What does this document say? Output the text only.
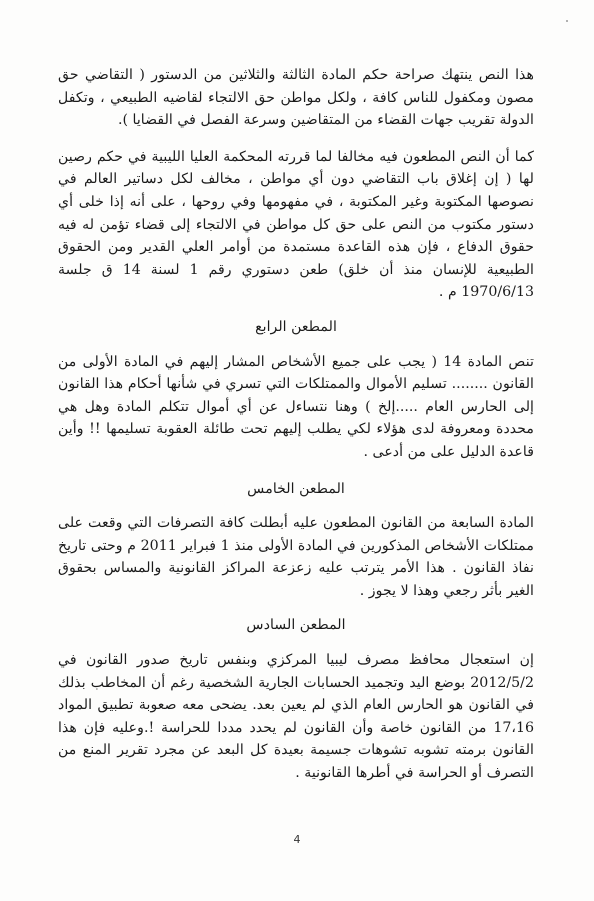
هذا النص ينتهك صراحة حكم المادة الثالثة والثلاثين من الدستور ( التقاضي حق مصون ومكفول للناس كافة ، ولكل مواطن حق الالتجاء لقاضيه الطبيعي ، وتكفل الدولة تقريب جهات القضاء من المتقاضين وسرعة الفصل في القضايا ).

كما أن النص المطعون فيه مخالفا لما قررته المحكمة العليا الليبية في حكم رصين لها ( إن إغلاق باب التقاضي دون أي مواطن ، مخالف لكل دساتير العالم في نصوصها المكتوبة وغير المكتوبة ، في مفهومها وفي روحها ، على أنه إذا خلى أي دستور مكتوب من النص على حق كل مواطن في الالتجاء إلى قضاء تؤمن له فيه حقوق الدفاع ، فإن هذه القاعدة مستمدة من أوامر العلي القدير ومن الحقوق الطبيعية للإنسان منذ أن خلق) طعن دستوري رقم 1 لسنة 14 ق جلسة 1970/6/13 م .

المطعن الرابع

تنص المادة 14 ( يجب على جميع الأشخاص المشار إليهم في المادة الأولى من القانون ........ تسليم الأموال والممتلكات التي تسري في شأنها أحكام هذا القانون إلى الحارس العام .....إلخ ) وهنا نتساءل عن أي أموال تتكلم المادة وهل هي محددة ومعروفة لدى هؤلاء لكي يطلب إليهم تحت طائلة العقوبة تسليمها !! وأين قاعدة الدليل على من أدعى .

المطعن الخامس

المادة السابعة من القانون المطعون عليه أبطلت كافة التصرفات التي وقعت على ممتلكات الأشخاص المذكورين في المادة الأولى منذ 1 فبراير 2011 م وحتى تاريخ نفاذ القانون . هذا الأمر يترتب عليه زعزعة المراكز القانونية والمساس بحقوق الغير بأثر رجعي وهذا لا يجوز .

المطعن السادس

إن استعجال محافظ مصرف ليبيا المركزي وبنفس تاريخ صدور القانون في 2012/5/2 بوضع اليد وتجميد الحسابات الجارية الشخصية رغم أن المخاطب بذلك في القانون هو الحارس العام الذي لم يعين بعد. يضحى معه صعوبة تطبيق المواد 17،16 من القانون خاصة وأن القانون لم يحدد مددا للحراسة !.وعليه فإن هذا القانون برمته تشوبه تشوهات جسيمة بعيدة كل البعد عن مجرد تقرير المنع من التصرف أو الحراسة في أطرها القانونية .

4
